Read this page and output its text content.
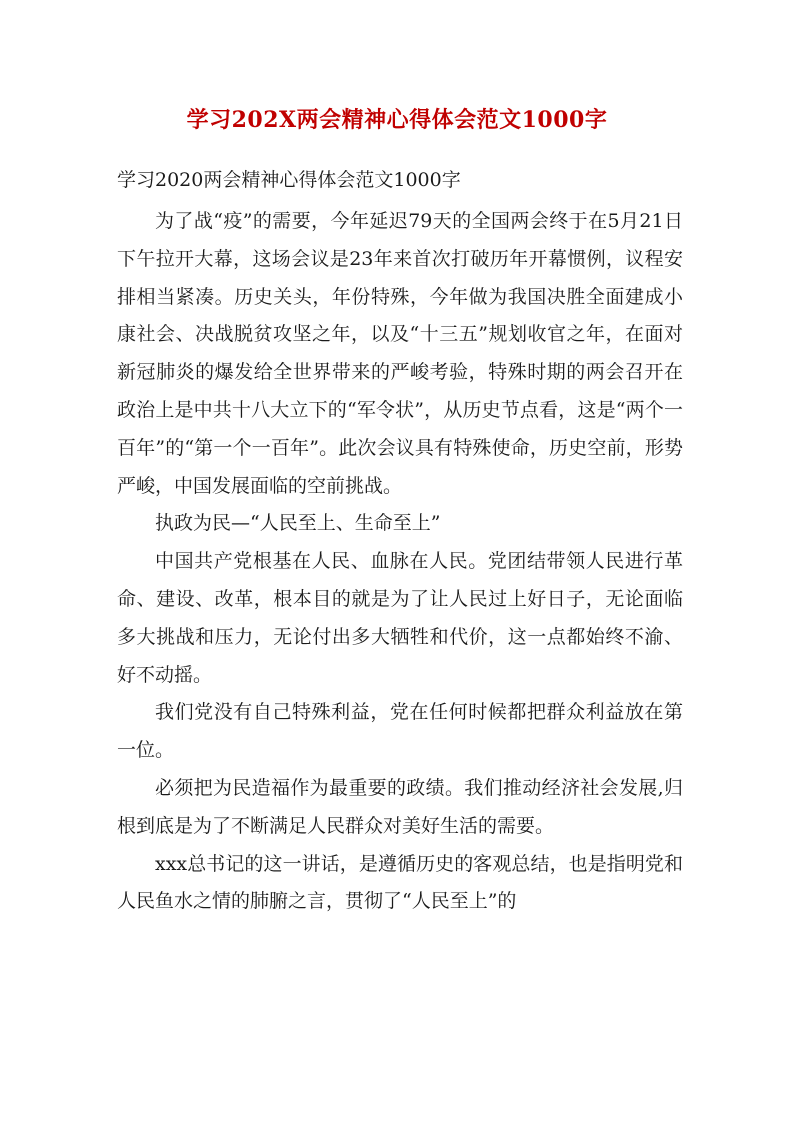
学习202X两会精神心得体会范文1000字
学习2020两会精神心得体会范文1000字

为了战“疫”的需要，今年延迟79天的全国两会终于在5月21日下午拉开大幕，这场会议是23年来首次打破历年开幕惯例，议程安排相当紧凑。历史关头，年份特殊，今年做为我国决胜全面建成小康社会、决战脱贫攻坚之年，以及“十三五”规划收官之年，在面对新冠肺炎的爆发给全世界带来的严峻考验，特殊时期的两会召开在政治上是中共十八大立下的“军令状”，从历史节点看，这是“两个一百年”的“第一个一百年”。此次会议具有特殊使命，历史空前，形势严峻，中国发展面临的空前挑战。

执政为民—“人民至上、生命至上”

中国共产党根基在人民、血脉在人民。党团结带领人民进行革命、建设、改革，根本目的就是为了让人民过上好日子，无论面临多大挑战和压力，无论付出多大牺牲和代价，这一点都始终不渝、好不动摇。

我们党没有自己特殊利益，党在任何时候都把群众利益放在第一位。

必须把为民造福作为最重要的政绩。我们推动经济社会发展,归根到底是为了不断满足人民群众对美好生活的需要。

xxx总书记的这一讲话，是遵循历史的客观总结，也是指明党和人民鱼水之情的肺腑之言，贯彻了“人民至上”的
